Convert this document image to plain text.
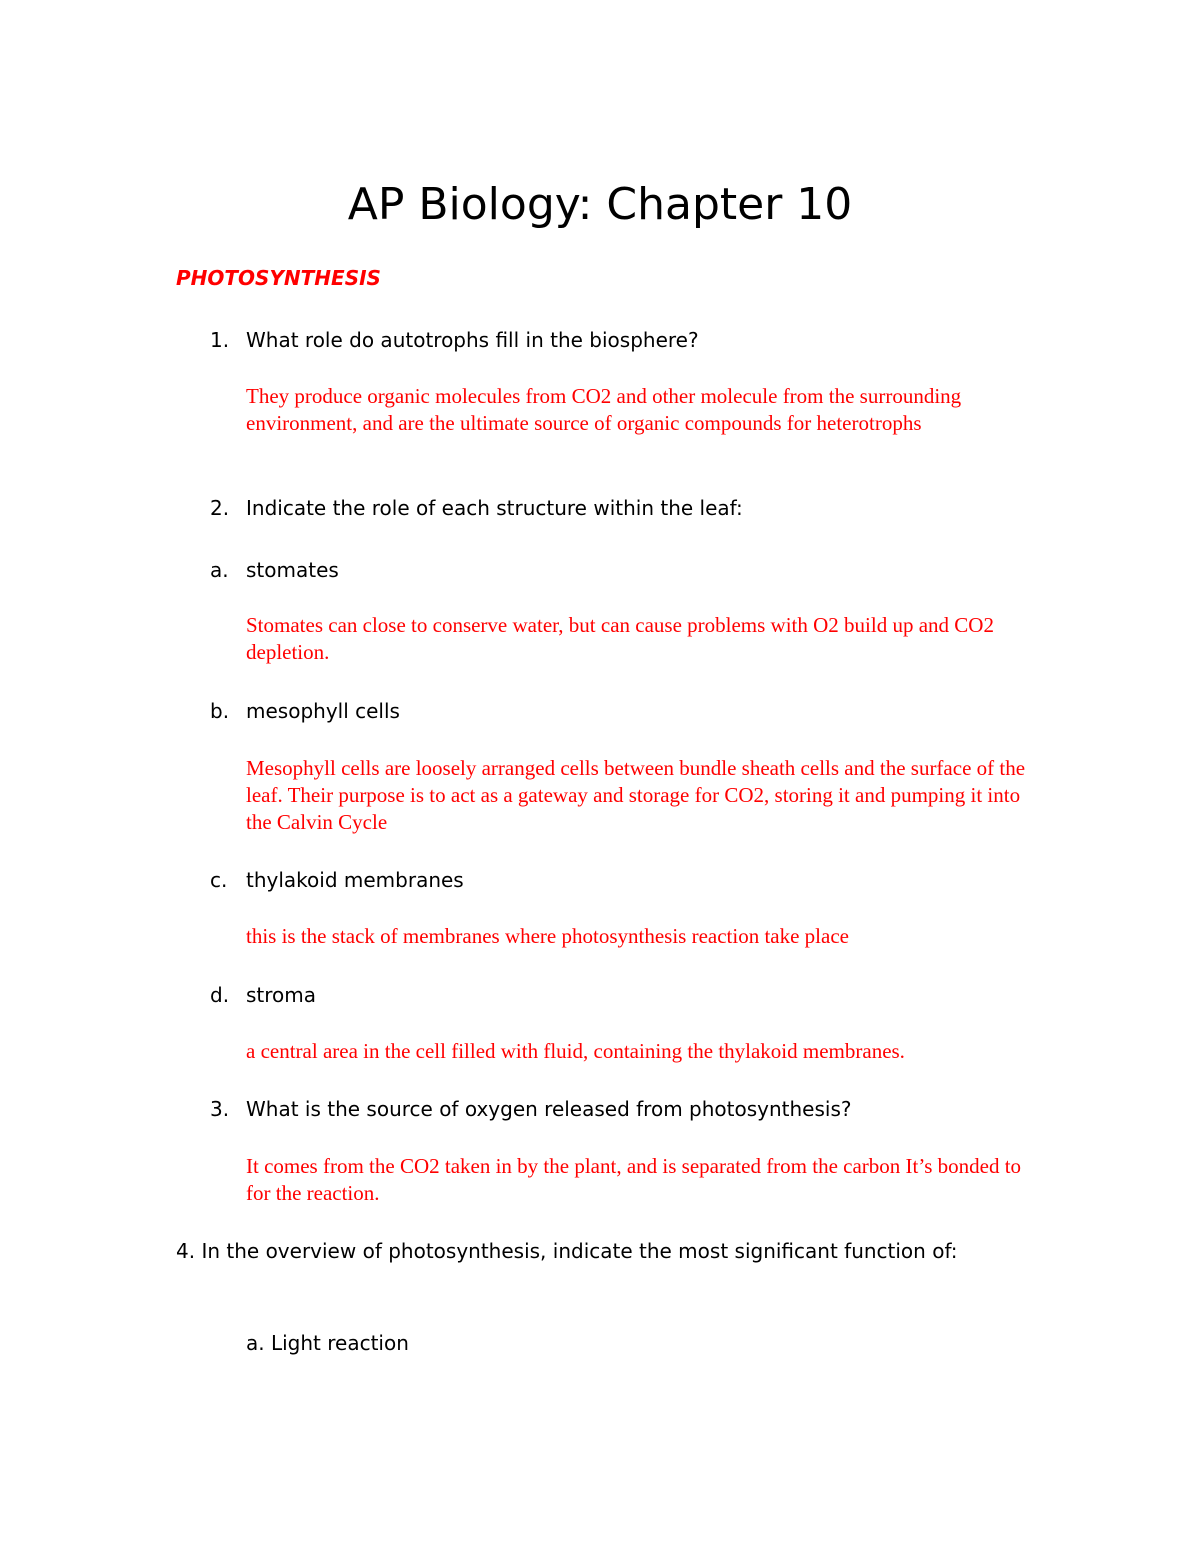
AP Biology: Chapter 10
PHOTOSYNTHESIS
1. What role do autotrophs fill in the biosphere?
They produce organic molecules from CO2 and other molecule from the surrounding environment, and are the ultimate source of organic compounds for heterotrophs
2. Indicate the role of each structure within the leaf:
a. stomates
Stomates can close to conserve water, but can cause problems with O2 build up and CO2 depletion.
b. mesophyll cells
Mesophyll cells are loosely arranged cells between bundle sheath cells and the surface of the leaf. Their purpose is to act as a gateway and storage for CO2, storing it and pumping it into the Calvin Cycle
c. thylakoid membranes
this is the stack of membranes where photosynthesis reaction take place
d. stroma
a central area in the cell filled with fluid, containing the thylakoid membranes.
3. What is the source of oxygen released from photosynthesis?
It comes from the CO2 taken in by the plant, and is separated from the carbon It’s bonded to for the reaction.
4. In the overview of photosynthesis, indicate the most significant function of:
a. Light reaction
